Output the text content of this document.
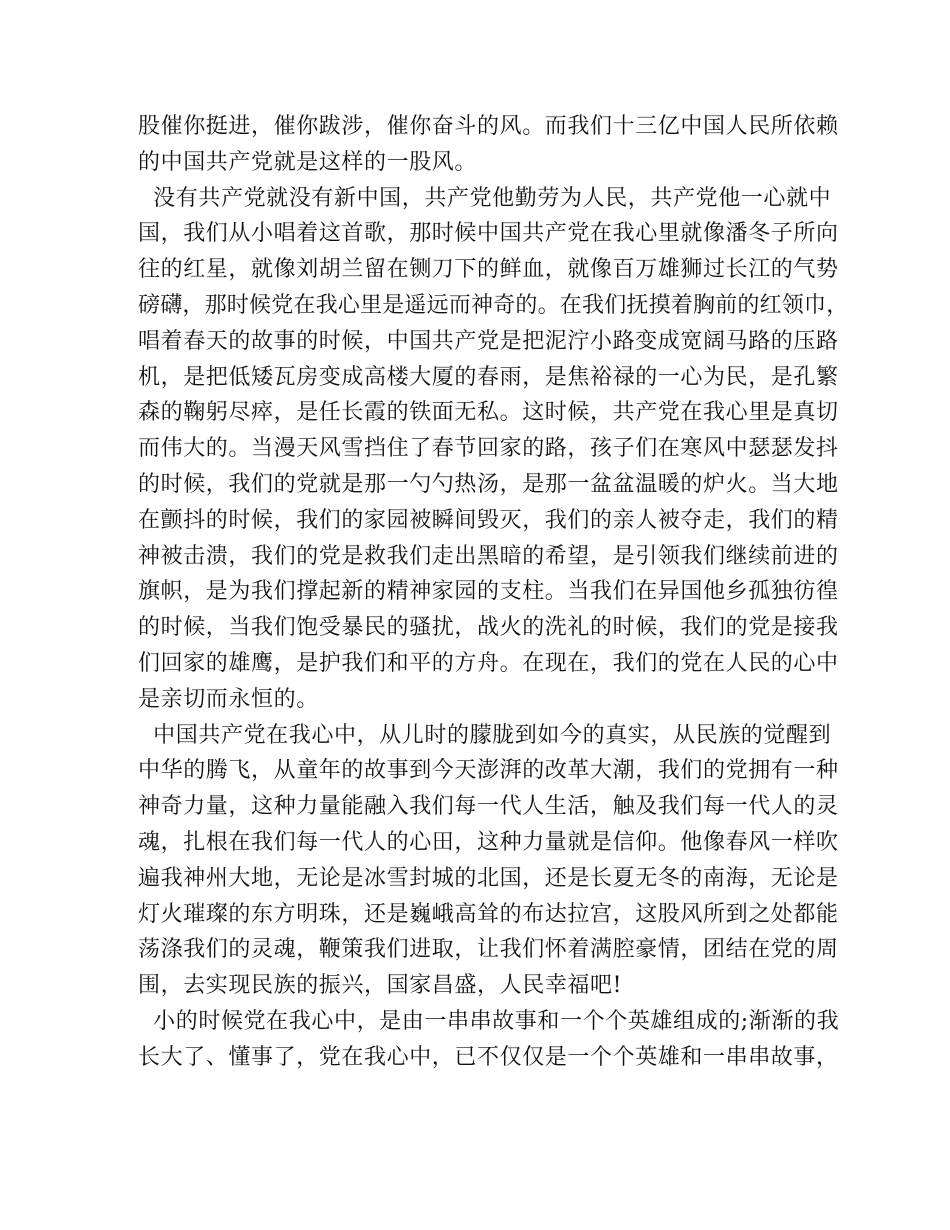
股催你挺进，催你跋涉，催你奋斗的风。而我们十三亿中国人民所依赖
的中国共产党就是这样的一股风。
没有共产党就没有新中国，共产党他勤劳为人民，共产党他一心就中
国，我们从小唱着这首歌，那时候中国共产党在我心里就像潘冬子所向
往的红星，就像刘胡兰留在铡刀下的鲜血，就像百万雄狮过长江的气势
磅礴，那时候党在我心里是遥远而神奇的。在我们抚摸着胸前的红领巾，
唱着春天的故事的时候，中国共产党是把泥泞小路变成宽阔马路的压路
机，是把低矮瓦房变成高楼大厦的春雨，是焦裕禄的一心为民，是孔繁
森的鞠躬尽瘁，是任长霞的铁面无私。这时候，共产党在我心里是真切
而伟大的。当漫天风雪挡住了春节回家的路，孩子们在寒风中瑟瑟发抖
的时候，我们的党就是那一勺勺热汤，是那一盆盆温暖的炉火。当大地
在颤抖的时候，我们的家园被瞬间毁灭，我们的亲人被夺走，我们的精
神被击溃，我们的党是救我们走出黑暗的希望，是引领我们继续前进的
旗帜，是为我们撑起新的精神家园的支柱。当我们在异国他乡孤独彷徨
的时候，当我们饱受暴民的骚扰，战火的洗礼的时候，我们的党是接我
们回家的雄鹰，是护我们和平的方舟。在现在，我们的党在人民的心中
是亲切而永恒的。
中国共产党在我心中，从儿时的朦胧到如今的真实，从民族的觉醒到
中华的腾飞，从童年的故事到今天澎湃的改革大潮，我们的党拥有一种
神奇力量，这种力量能融入我们每一代人生活，触及我们每一代人的灵
魂，扎根在我们每一代人的心田，这种力量就是信仰。他像春风一样吹
遍我神州大地，无论是冰雪封城的北国，还是长夏无冬的南海，无论是
灯火璀璨的东方明珠，还是巍峨高耸的布达拉宫，这股风所到之处都能
荡涤我们的灵魂，鞭策我们进取，让我们怀着满腔豪情，团结在党的周
围，去实现民族的振兴，国家昌盛，人民幸福吧!
小的时候党在我心中，是由一串串故事和一个个英雄组成的;渐渐的我
长大了、懂事了，党在我心中，已不仅仅是一个个英雄和一串串故事，
